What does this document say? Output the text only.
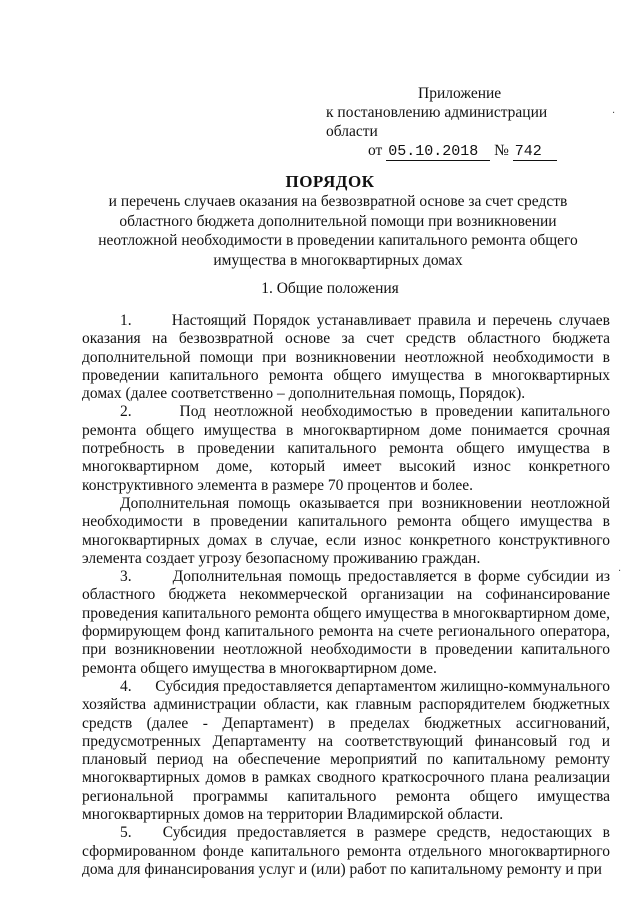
Приложение
к постановлению администрации области
от 05.10.2018 № 742
ПОРЯДОК
и перечень случаев оказания на безвозвратной основе за счет средств областного бюджета дополнительной помощи при возникновении неотложной необходимости в проведении капитального ремонта общего имущества в многоквартирных домах
1. Общие положения

1.      Настоящий Порядок устанавливает правила и перечень случаев оказания на безвозвратной основе за счет средств областного бюджета дополнительной помощи при возникновении неотложной необходимости в проведении капитального ремонта общего имущества в многоквартирных домах (далее соответственно – дополнительная помощь, Порядок).

2.      Под неотложной необходимостью в проведении капитального ремонта общего имущества в многоквартирном доме понимается срочная потребность в проведении капитального ремонта общего имущества в многоквартирном доме, который имеет высокий износ конкретного конструктивного элемента в размере 70 процентов и более.

Дополнительная помощь оказывается при возникновении неотложной необходимости в проведении капитального ремонта общего имущества в многоквартирных домах в случае, если износ конкретного конструктивного элемента создает угрозу безопасному проживанию граждан.

3.      Дополнительная помощь предоставляется в форме субсидии из областного бюджета некоммерческой организации на софинансирование проведения капитального ремонта общего имущества в многоквартирном доме, формирующем фонд капитального ремонта на счете регионального оператора, при возникновении неотложной необходимости в проведении капитального ремонта общего имущества в многоквартирном доме.

4.      Субсидия предоставляется департаментом жилищно-коммунального хозяйства администрации области, как главным распорядителем бюджетных средств (далее - Департамент) в пределах бюджетных ассигнований, предусмотренных Департаменту на соответствующий финансовый год и плановый период на обеспечение мероприятий по капитальному ремонту многоквартирных домов в рамках сводного краткосрочного плана реализации региональной программы капитального ремонта общего имущества многоквартирных домов на территории Владимирской области.

5.   Субсидия предоставляется в размере средств, недостающих в сформированном фонде капитального ремонта отдельного многоквартирного дома для финансирования услуг и (или) работ по капитальному ремонту и при

·
·
